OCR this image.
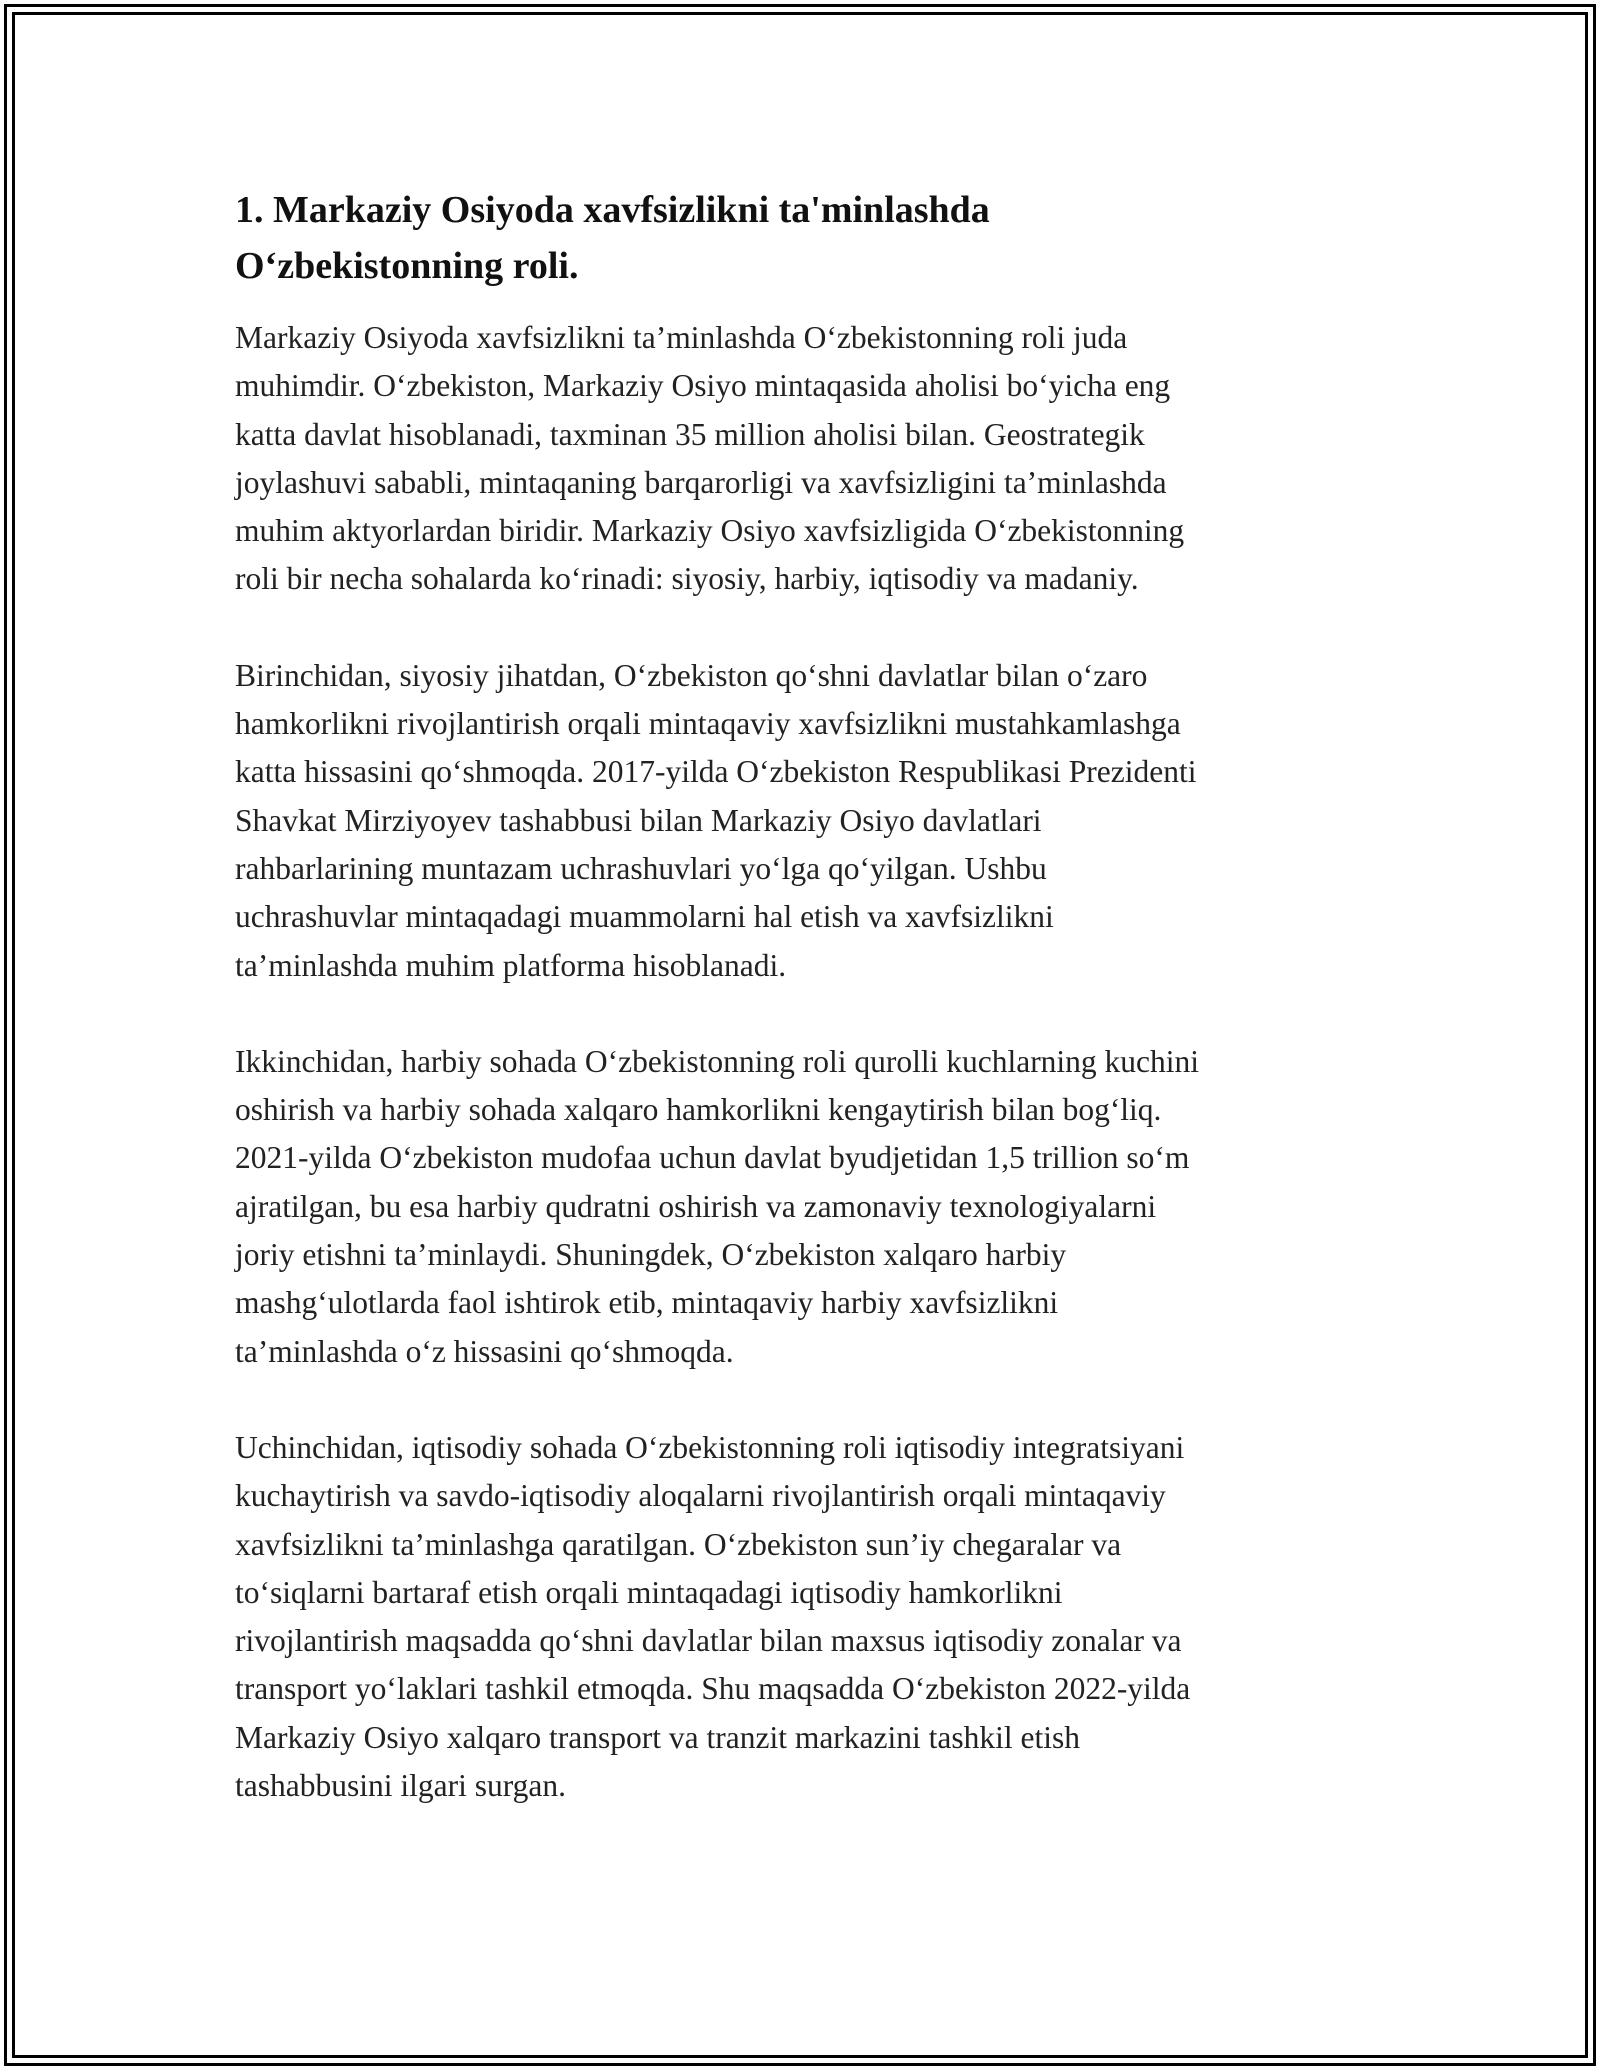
1. Markaziy Osiyoda xavfsizlikni ta'minlashda
O‘zbekistonning roli.

Markaziy Osiyoda xavfsizlikni ta’minlashda O‘zbekistonning roli juda
muhimdir. O‘zbekiston, Markaziy Osiyo mintaqasida aholisi bo‘yicha eng
katta davlat hisoblanadi, taxminan 35 million aholisi bilan. Geostrategik
joylashuvi sababli, mintaqaning barqarorligi va xavfsizligini ta’minlashda
muhim aktyorlardan biridir. Markaziy Osiyo xavfsizligida O‘zbekistonning
roli bir necha sohalarda ko‘rinadi: siyosiy, harbiy, iqtisodiy va madaniy.

Birinchidan, siyosiy jihatdan, O‘zbekiston qo‘shni davlatlar bilan o‘zaro
hamkorlikni rivojlantirish orqali mintaqaviy xavfsizlikni mustahkamlashga
katta hissasini qo‘shmoqda. 2017-yilda O‘zbekiston Respublikasi Prezidenti
Shavkat Mirziyoyev tashabbusi bilan Markaziy Osiyo davlatlari
rahbarlarining muntazam uchrashuvlari yo‘lga qo‘yilgan. Ushbu
uchrashuvlar mintaqadagi muammolarni hal etish va xavfsizlikni
ta’minlashda muhim platforma hisoblanadi.

Ikkinchidan, harbiy sohada O‘zbekistonning roli qurolli kuchlarning kuchini
oshirish va harbiy sohada xalqaro hamkorlikni kengaytirish bilan bog‘liq.
2021-yilda O‘zbekiston mudofaa uchun davlat byudjetidan 1,5 trillion so‘m
ajratilgan, bu esa harbiy qudratni oshirish va zamonaviy texnologiyalarni
joriy etishni ta’minlaydi. Shuningdek, O‘zbekiston xalqaro harbiy
mashg‘ulotlarda faol ishtirok etib, mintaqaviy harbiy xavfsizlikni
ta’minlashda o‘z hissasini qo‘shmoqda.

Uchinchidan, iqtisodiy sohada O‘zbekistonning roli iqtisodiy integratsiyani
kuchaytirish va savdo-iqtisodiy aloqalarni rivojlantirish orqali mintaqaviy
xavfsizlikni ta’minlashga qaratilgan. O‘zbekiston sun’iy chegaralar va
to‘siqlarni bartaraf etish orqali mintaqadagi iqtisodiy hamkorlikni
rivojlantirish maqsadda qo‘shni davlatlar bilan maxsus iqtisodiy zonalar va
transport yo‘laklari tashkil etmoqda. Shu maqsadda O‘zbekiston 2022-yilda
Markaziy Osiyo xalqaro transport va tranzit markazini tashkil etish
tashabbusini ilgari surgan.
